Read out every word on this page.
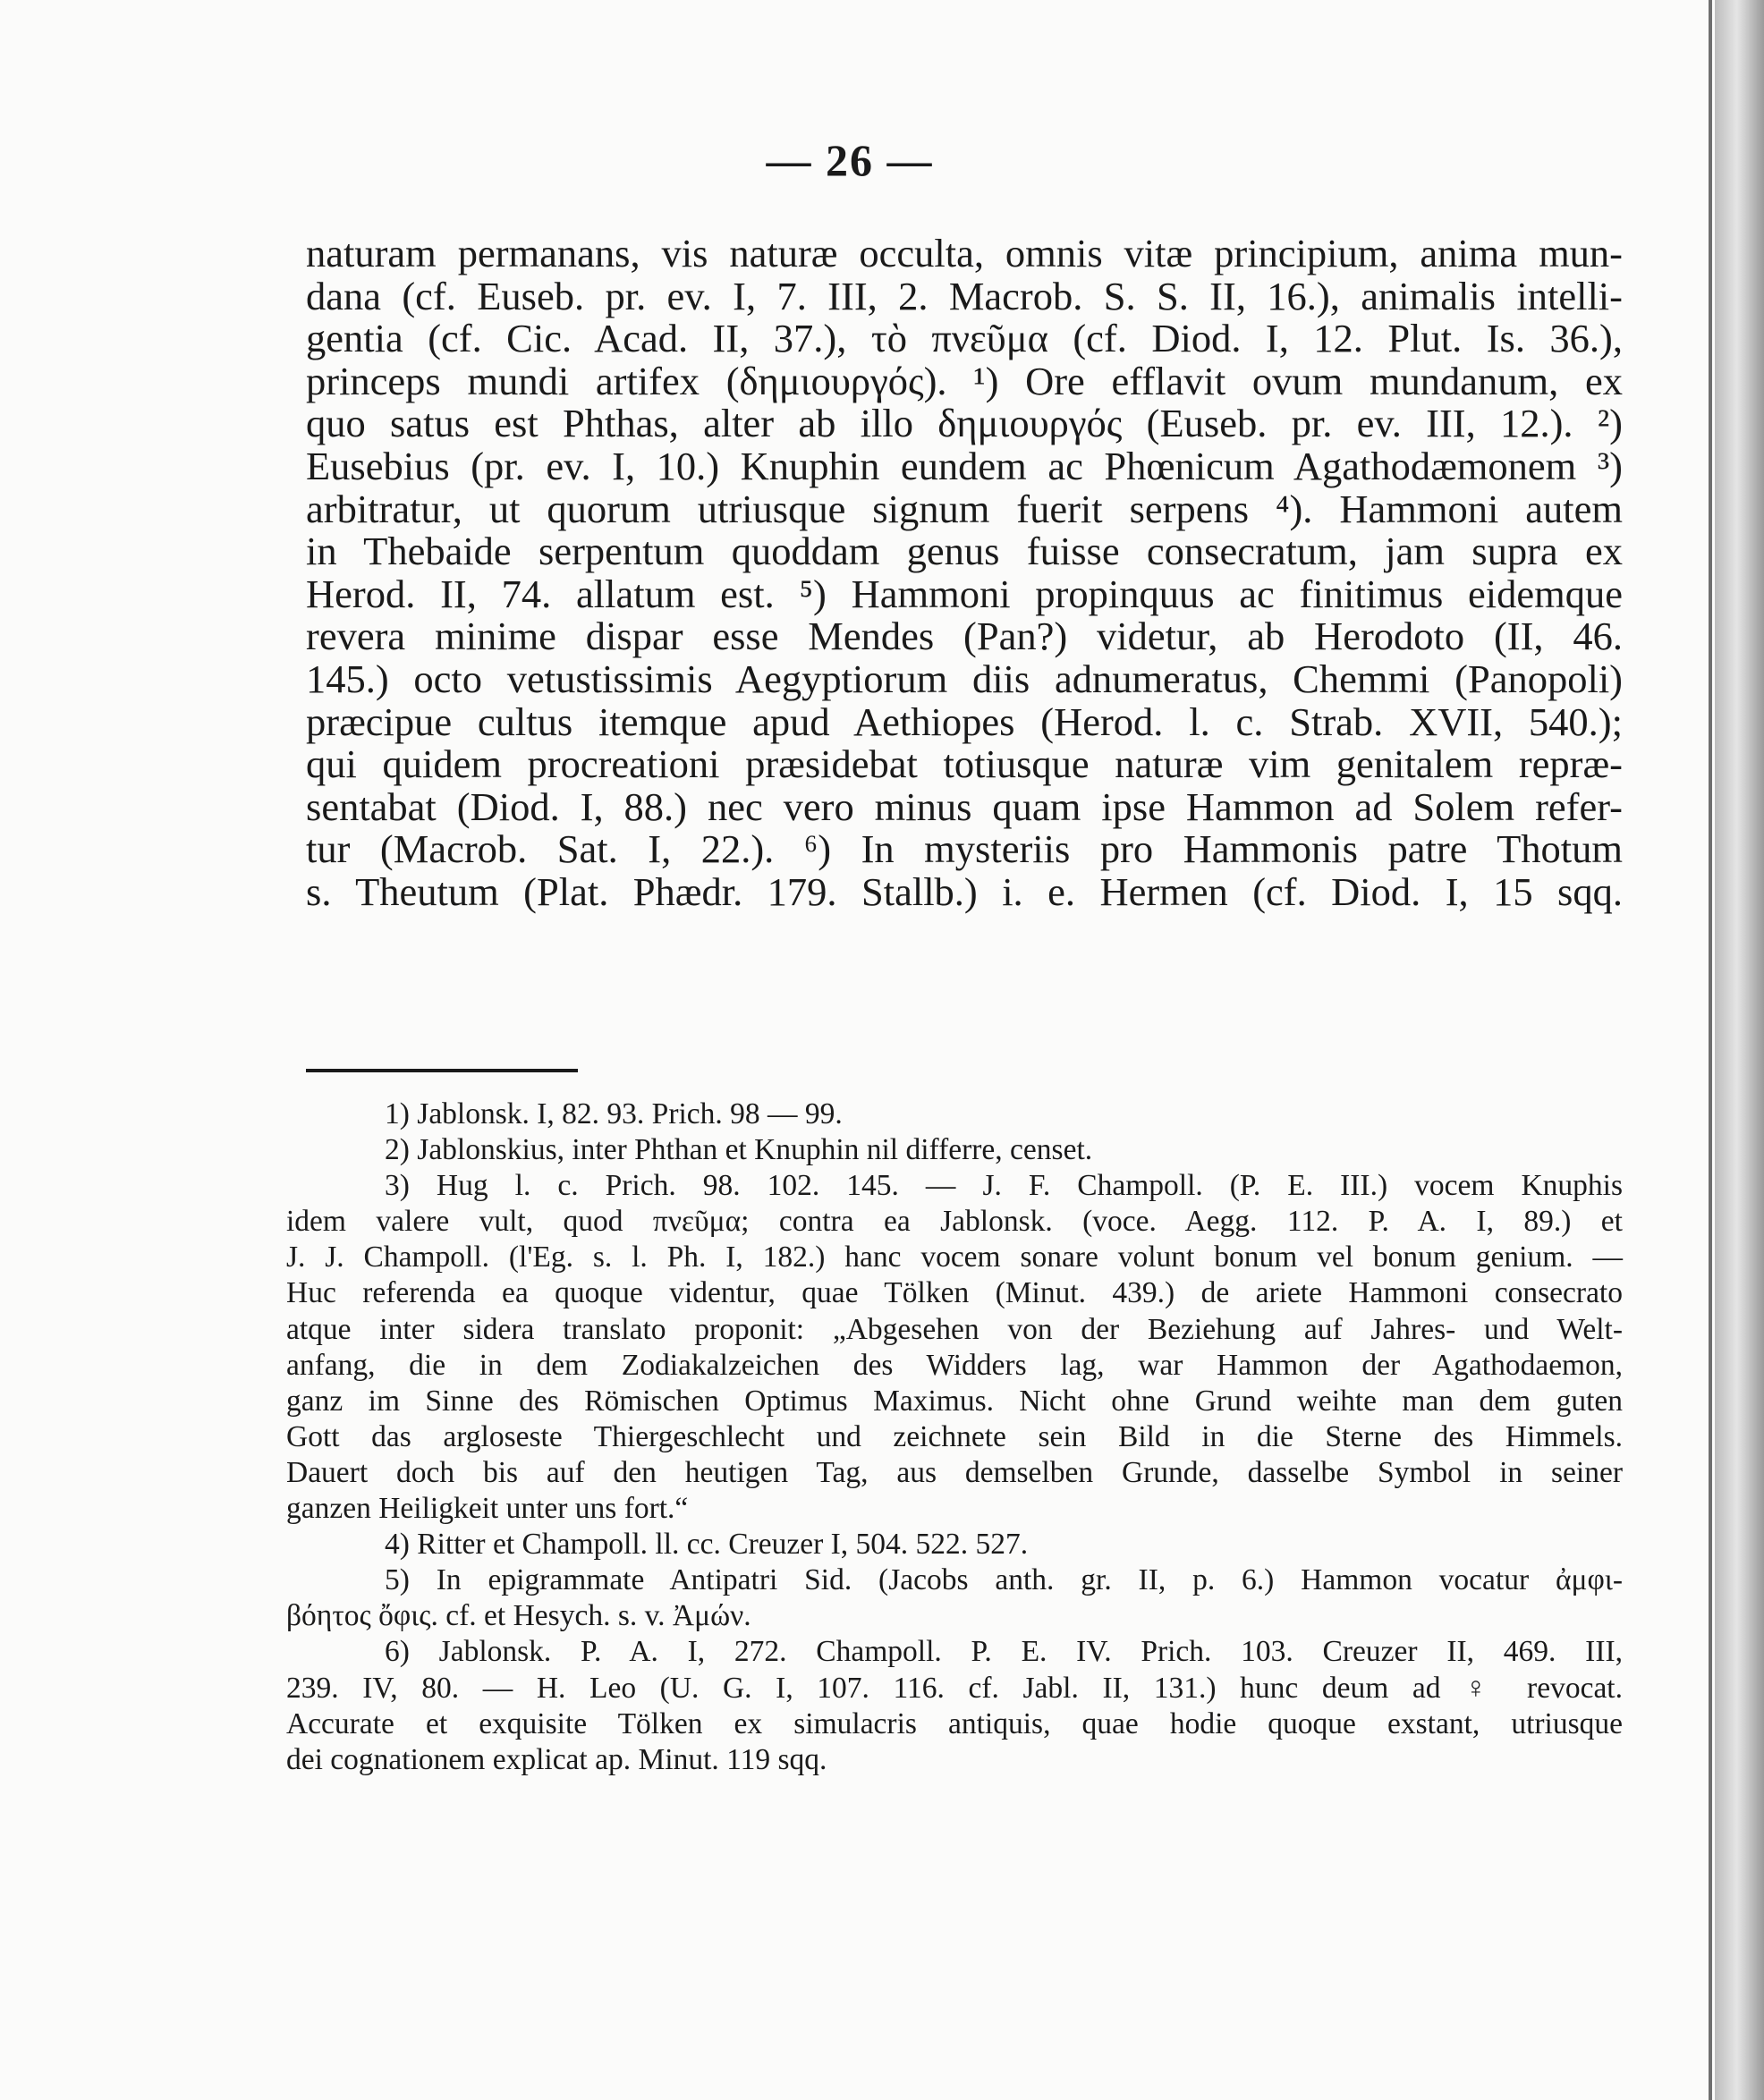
— 26 —
naturam permanans, vis naturæ occulta, omnis vitæ principium, anima mun-
dana (cf. Euseb. pr. ev. I, 7. III, 2. Macrob. S. S. II, 16.), animalis intelli-
gentia (cf. Cic. Acad. II, 37.), τὸ πνεῦμα (cf. Diod. I, 12. Plut. Is. 36.),
princeps mundi artifex (δημιουργός). ¹) Ore efflavit ovum mundanum, ex
quo satus est Phthas, alter ab illo δημιουργός (Euseb. pr. ev. III, 12.). ²)
Eusebius (pr. ev. I, 10.) Knuphin eundem ac Phœnicum Agathodæmonem ³)
arbitratur, ut quorum utriusque signum fuerit serpens ⁴). Hammoni autem
in Thebaide serpentum quoddam genus fuisse consecratum, jam supra ex
Herod. II, 74. allatum est. ⁵) Hammoni propinquus ac finitimus eidemque
revera minime dispar esse Mendes (Pan?) videtur, ab Herodoto (II, 46.
145.) octo vetustissimis Aegyptiorum diis adnumeratus, Chemmi (Panopoli)
præcipue cultus itemque apud Aethiopes (Herod. l. c. Strab. XVII, 540.);
qui quidem procreationi præsidebat totiusque naturæ vim genitalem repræ-
sentabat (Diod. I, 88.) nec vero minus quam ipse Hammon ad Solem refer-
tur (Macrob. Sat. I, 22.). ⁶) In mysteriis pro Hammonis patre Thotum
s. Theutum (Plat. Phædr. 179. Stallb.) i. e. Hermen (cf. Diod. I, 15 sqq.
1) Jablonsk. I, 82. 93. Prich. 98 — 99.
2) Jablonskius, inter Phthan et Knuphin nil differre, censet.
3) Hug l. c. Prich. 98. 102. 145. — J. F. Champoll. (P. E. III.) vocem Knuphis
idem valere vult, quod πνεῦμα; contra ea Jablonsk. (voce. Aegg. 112. P. A. I, 89.) et
J. J. Champoll. (l'Eg. s. l. Ph. I, 182.) hanc vocem sonare volunt bonum vel bonum genium. —
Huc referenda ea quoque videntur, quae Tölken (Minut. 439.) de ariete Hammoni consecrato
atque inter sidera translato proponit: „Abgesehen von der Beziehung auf Jahres- und Welt-
anfang, die in dem Zodiakalzeichen des Widders lag, war Hammon der Agathodaemon,
ganz im Sinne des Römischen Optimus Maximus. Nicht ohne Grund weihte man dem guten
Gott das argloseste Thiergeschlecht und zeichnete sein Bild in die Sterne des Himmels.
Dauert doch bis auf den heutigen Tag, aus demselben Grunde, dasselbe Symbol in seiner
ganzen Heiligkeit unter uns fort.“
4) Ritter et Champoll. ll. cc. Creuzer I, 504. 522. 527.
5) In epigrammate Antipatri Sid. (Jacobs anth. gr. II, p. 6.) Hammon vocatur ἀμφι-
βόητος ὄφις. cf. et Hesych. s. v. Ἀμών.
6) Jablonsk. P. A. I, 272. Champoll. P. E. IV. Prich. 103. Creuzer II, 469. III,
239. IV, 80. — H. Leo (U. G. I, 107. 116. cf. Jabl. II, 131.) hunc deum ad ♀ revocat.
Accurate et exquisite Tölken ex simulacris antiquis, quae hodie quoque exstant, utriusque
dei cognationem explicat ap. Minut. 119 sqq.
